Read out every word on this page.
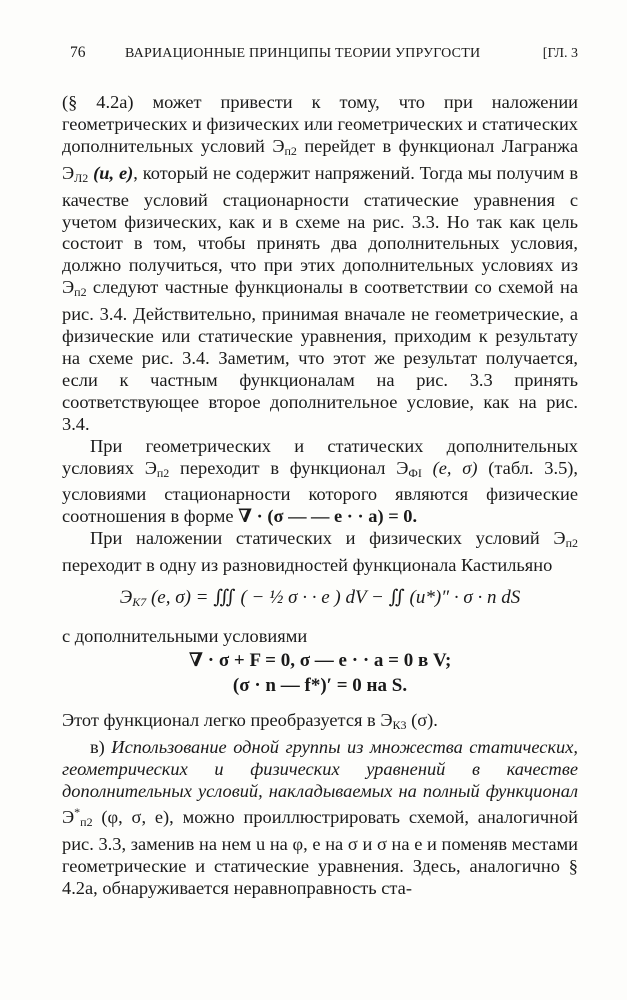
76	ВАРИАЦИОННЫЕ ПРИНЦИПЫ ТЕОРИИ УПРУГОСТИ	[ГЛ. 3

(§ 4.2а) может привести к тому, что при наложении геометрических и физических или геометрических и статических дополнительных условий $Э_{п2}$ перейдет в функционал Лагранжа $Э_{Л2}$ (u, e), который не содержит напряжений. Тогда мы получим в качестве условий стационарности статические уравнения с учетом физических, как и в схеме на рис. 3.3. Но так как цель состоит в том, чтобы принять два дополнительных условия, должно получиться, что при этих дополнительных условиях из $Э_{п2}$ следуют частные функционалы в соответствии со схемой на рис. 3.4. Действительно, принимая вначале не геометрические, а физические или статические уравнения, приходим к результату на схеме рис. 3.4. Заметим, что этот же результат получается, если к частным функционалам на рис. 3.3 принять соответствующее второе дополнительное условие, как на рис. 3.4.

При геометрических и статических дополнительных условиях $Э_{п2}$ переходит в функционал $Э_{ФI}$ (e, σ) (табл. 3.5), условиями стационарности которого являются физические соотношения в форме ∇ · (σ — — e · · a) = 0.

При наложении статических и физических условий $Э_{п2}$ переходит в одну из разновидностей функционала Кастильяно

$Э_{К7}$ (e, σ) = ∭ ( − ½ σ · · e ) dV − ∬ (u*)″ · σ · n dS

с дополнительными условиями

∇ · σ + F = 0, σ — e · · a = 0 в V;
(σ · n — f*)′ = 0 на S.

Этот функционал легко преобразуется в $Э_{К3}$ (σ).

в) Использование одной группы из множества статических, геометрических и физических уравнений в качестве дополнительных условий, накладываемых на полный функционал $Э^*_{п2}$ (φ, σ, e), можно проиллюстрировать схемой, аналогичной рис. 3.3, заменив на нем u на φ, e на σ и σ на e и поменяв местами геометрические и статические уравнения. Здесь, аналогично § 4.2а, обнаруживается неравноправность ста-
